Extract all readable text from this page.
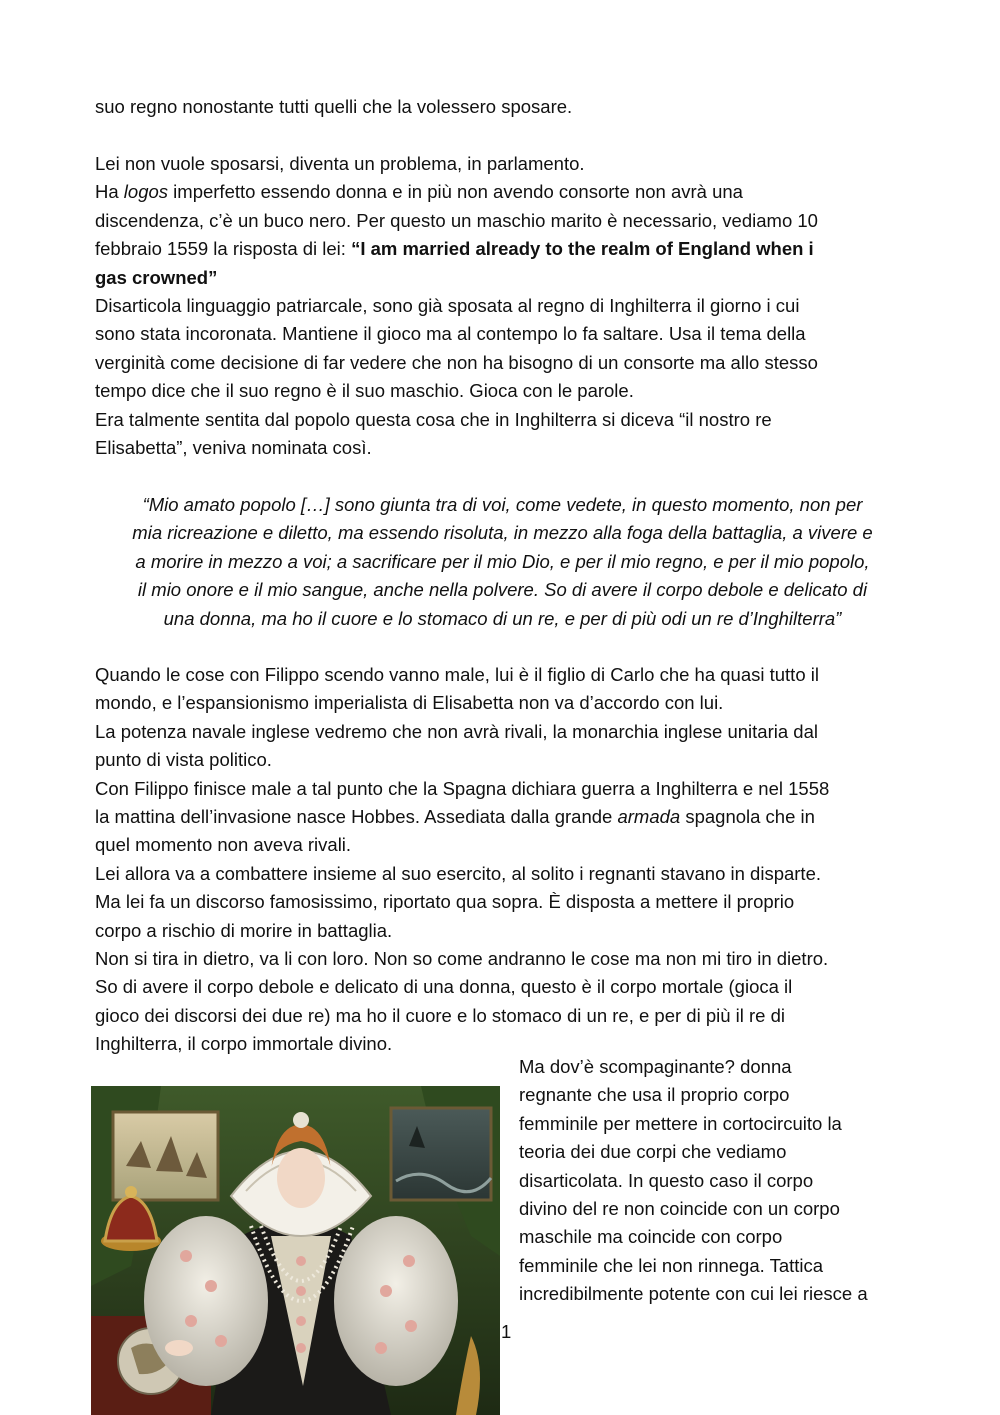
suo regno nonostante tutti quelli che la volessero sposare.
Lei non vuole sposarsi, diventa un problema, in parlamento.
Ha logos imperfetto essendo donna e in più non avendo consorte non avrà una
discendenza, c’è un buco nero. Per questo un maschio marito è necessario, vediamo 10
febbraio 1559 la risposta di lei: “I am married already to the realm of England when i
gas crowned”
Disarticola linguaggio patriarcale, sono già sposata al regno di Inghilterra il giorno i cui
sono stata incoronata. Mantiene il gioco ma al contempo lo fa saltare. Usa il tema della
verginità come decisione di far vedere che non ha bisogno di un consorte ma allo stesso
tempo dice che il suo regno è il suo maschio. Gioca con le parole.
Era talmente sentita dal popolo questa cosa che in Inghilterra si diceva “il nostro re
Elisabetta”, veniva nominata così.
“Mio amato popolo […] sono giunta tra di voi, come vedete, in questo momento, non per
mia ricreazione e diletto, ma essendo risoluta, in mezzo alla foga della battaglia, a vivere e
a morire in mezzo a voi; a sacrificare per il mio Dio, e per il mio regno, e per il mio popolo,
il mio onore e il mio sangue, anche nella polvere. So di avere il corpo debole e delicato di
una donna, ma ho il cuore e lo stomaco di un re, e per di più odi un re d’Inghilterra”
Quando le cose con Filippo scendo vanno male, lui è il figlio di Carlo che ha quasi tutto il
mondo, e l’espansionismo imperialista di Elisabetta non va d’accordo con lui.
La potenza navale inglese vedremo che non avrà rivali, la monarchia inglese unitaria dal
punto di vista politico.
Con Filippo finisce male a tal punto che la Spagna dichiara guerra a Inghilterra e nel 1558
la mattina dell’invasione nasce Hobbes. Assediata dalla grande armada spagnola che in
quel momento non aveva rivali.
Lei allora va a combattere insieme al suo esercito, al solito i regnanti stavano in disparte.
Ma lei fa un discorso famosissimo, riportato qua sopra. È disposta a mettere il proprio
corpo a rischio di morire in battaglia.
Non si tira in dietro, va li con loro. Non so come andranno le cose ma non mi tiro in dietro.
So di avere il corpo debole e delicato di una donna, questo è il corpo mortale (gioca il
gioco dei discorsi dei due re) ma ho il cuore e lo stomaco di un re, e per di più il re di
Inghilterra, il corpo immortale divino.
Ma dov’è scompaginante? donna
regnante che usa il proprio corpo
femminile per mettere in cortocircuito la
teoria dei due corpi che vediamo
disarticolata. In questo caso il corpo
divino del re non coincide con un corpo
maschile ma coincide con corpo
femminile che lei non rinnega. Tattica
incredibilmente potente con cui lei riesce a
1
